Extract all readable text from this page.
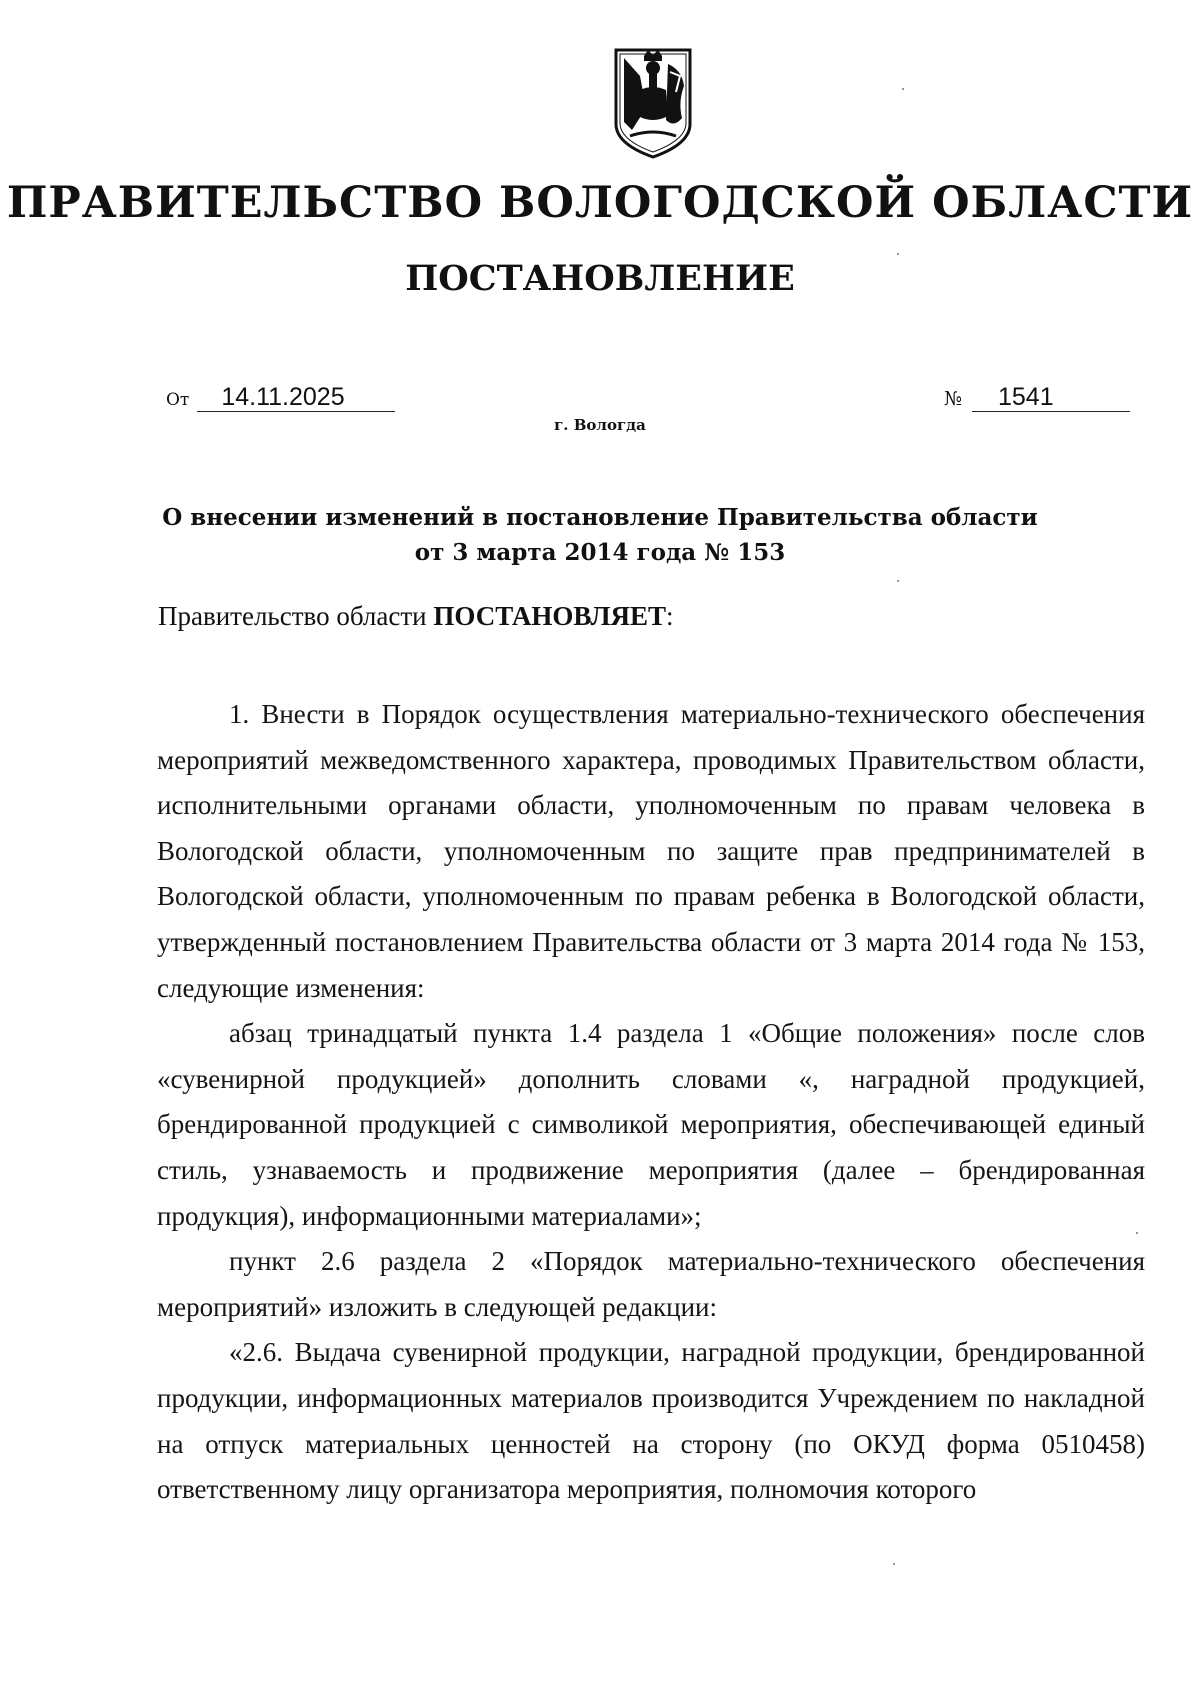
ПРАВИТЕЛЬСТВО ВОЛОГОДСКОЙ ОБЛАСТИ
ПОСТАНОВЛЕНИЕ
От 14.11.2025	№ 1541
г. Вологда
О внесении изменений в постановление Правительства области
от 3 марта 2014 года № 153
Правительство области ПОСТАНОВЛЯЕТ:

1. Внести в Порядок осуществления материально-технического обеспечения мероприятий межведомственного характера, проводимых Правительством области, исполнительными органами области, уполномоченным по правам человека в Вологодской области, уполномоченным по защите прав предпринимателей в Вологодской области, уполномоченным по правам ребенка в Вологодской области, утвержденный постановлением Правительства области от 3 марта 2014 года № 153, следующие изменения:

абзац тринадцатый пункта 1.4 раздела 1 «Общие положения» после слов «сувенирной продукцией» дополнить словами «, наградной продукцией, брендированной продукцией с символикой мероприятия, обеспечивающей единый стиль, узнаваемость и продвижение мероприятия (далее – брендированная продукция), информационными материалами»;

пункт 2.6 раздела 2 «Порядок материально-технического обеспечения мероприятий» изложить в следующей редакции:

«2.6. Выдача сувенирной продукции, наградной продукции, брендированной продукции, информационных материалов производится Учреждением по накладной на отпуск материальных ценностей на сторону (по ОКУД форма 0510458) ответственному лицу организатора мероприятия, полномочия которого
